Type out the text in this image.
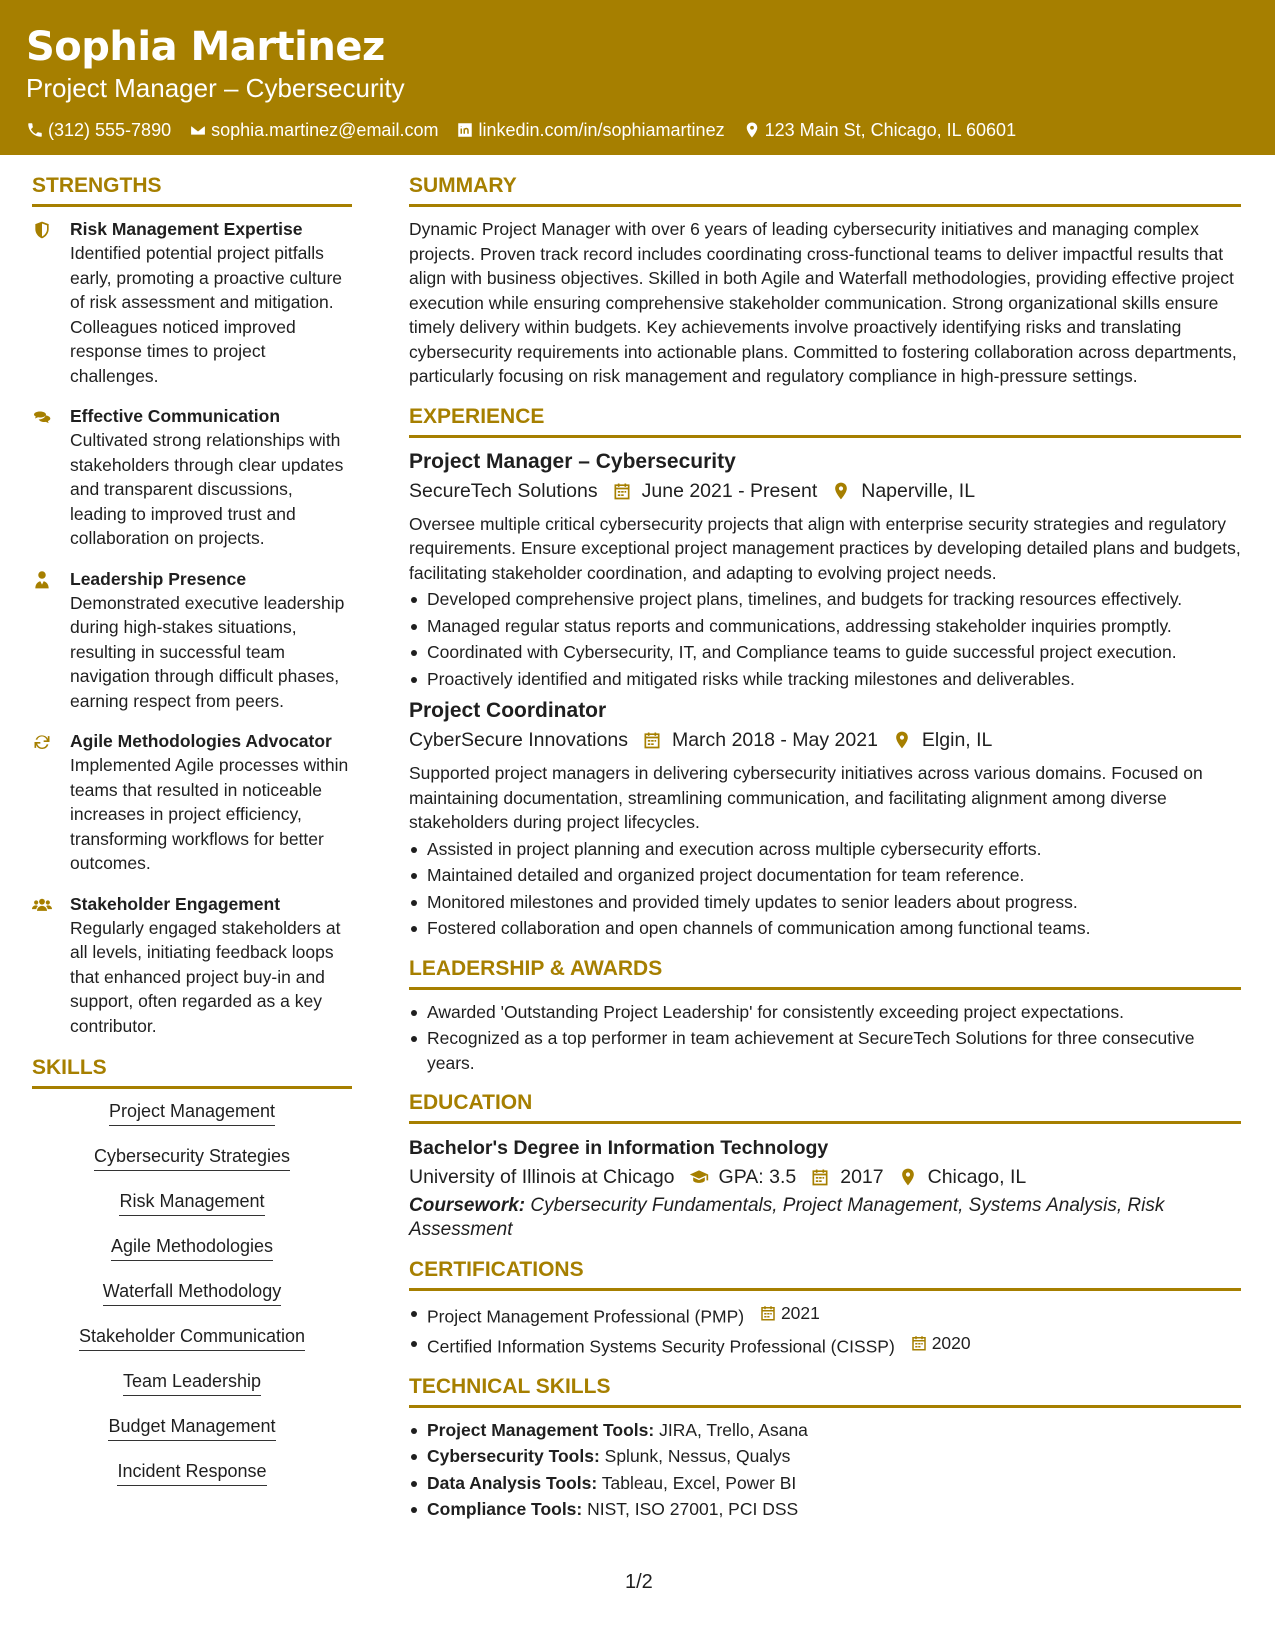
Sophia Martinez
Project Manager – Cybersecurity
(312) 555-7890 sophia.martinez@email.com linkedin.com/in/sophiamartinez 123 Main St, Chicago, IL 60601
STRENGTHS
Risk Management Expertise
Identified potential project pitfalls early, promoting a proactive culture of risk assessment and mitigation. Colleagues noticed improved response times to project challenges.
Effective Communication
Cultivated strong relationships with stakeholders through clear updates and transparent discussions, leading to improved trust and collaboration on projects.
Leadership Presence
Demonstrated executive leadership during high-stakes situations, resulting in successful team navigation through difficult phases, earning respect from peers.
Agile Methodologies Advocator
Implemented Agile processes within teams that resulted in noticeable increases in project efficiency, transforming workflows for better outcomes.
Stakeholder Engagement
Regularly engaged stakeholders at all levels, initiating feedback loops that enhanced project buy-in and support, often regarded as a key contributor.
SKILLS
Project Management
Cybersecurity Strategies
Risk Management
Agile Methodologies
Waterfall Methodology
Stakeholder Communication
Team Leadership
Budget Management
Incident Response
SUMMARY
Dynamic Project Manager with over 6 years of leading cybersecurity initiatives and managing complex projects. Proven track record includes coordinating cross-functional teams to deliver impactful results that align with business objectives. Skilled in both Agile and Waterfall methodologies, providing effective project execution while ensuring comprehensive stakeholder communication. Strong organizational skills ensure timely delivery within budgets. Key achievements involve proactively identifying risks and translating cybersecurity requirements into actionable plans. Committed to fostering collaboration across departments, particularly focusing on risk management and regulatory compliance in high-pressure settings.
EXPERIENCE
Project Manager – Cybersecurity
SecureTech Solutions June 2021 - Present Naperville, IL
Oversee multiple critical cybersecurity projects that align with enterprise security strategies and regulatory requirements. Ensure exceptional project management practices by developing detailed plans and budgets, facilitating stakeholder coordination, and adapting to evolving project needs.
Developed comprehensive project plans, timelines, and budgets for tracking resources effectively.
Managed regular status reports and communications, addressing stakeholder inquiries promptly.
Coordinated with Cybersecurity, IT, and Compliance teams to guide successful project execution.
Proactively identified and mitigated risks while tracking milestones and deliverables.
Project Coordinator
CyberSecure Innovations March 2018 - May 2021 Elgin, IL
Supported project managers in delivering cybersecurity initiatives across various domains. Focused on maintaining documentation, streamlining communication, and facilitating alignment among diverse stakeholders during project lifecycles.
Assisted in project planning and execution across multiple cybersecurity efforts.
Maintained detailed and organized project documentation for team reference.
Monitored milestones and provided timely updates to senior leaders about progress.
Fostered collaboration and open channels of communication among functional teams.
LEADERSHIP & AWARDS
Awarded 'Outstanding Project Leadership' for consistently exceeding project expectations.
Recognized as a top performer in team achievement at SecureTech Solutions for three consecutive years.
EDUCATION
Bachelor's Degree in Information Technology
University of Illinois at Chicago GPA: 3.5 2017 Chicago, IL
Coursework: Cybersecurity Fundamentals, Project Management, Systems Analysis, Risk Assessment
CERTIFICATIONS
Project Management Professional (PMP) 2021
Certified Information Systems Security Professional (CISSP) 2020
TECHNICAL SKILLS
Project Management Tools: JIRA, Trello, Asana
Cybersecurity Tools: Splunk, Nessus, Qualys
Data Analysis Tools: Tableau, Excel, Power BI
Compliance Tools: NIST, ISO 27001, PCI DSS
1/2
